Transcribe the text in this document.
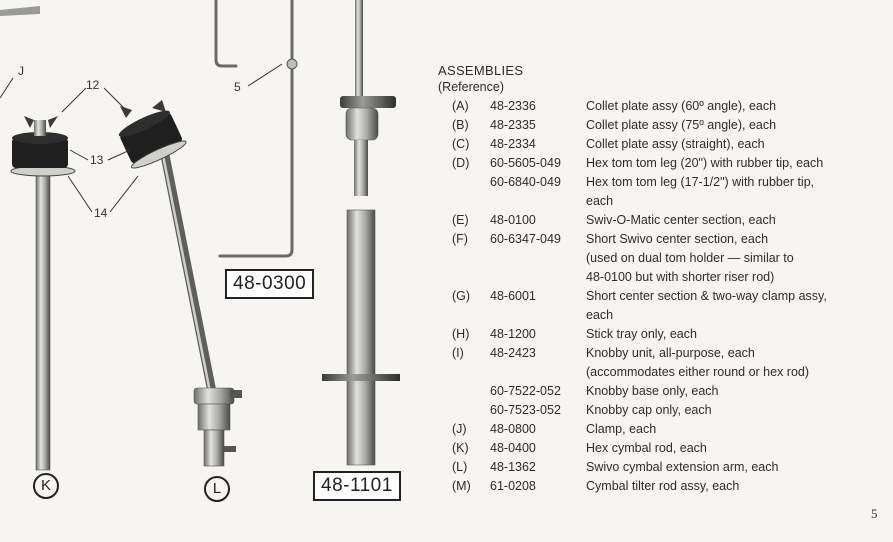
J
12
13
14
5
48-0300
48-1101
K	L
ASSEMBLIES
(Reference)
(A)	48-2336	Collet plate assy (60º angle), each
(B)	48-2335	Collet plate assy (75º angle), each
(C)	48-2334	Collet plate assy (straight), each
(D)	60-5605-049	Hex tom tom leg (20") with rubber tip, each
60-6840-049	Hex tom tom leg (17-1/2") with rubber tip,
each
(E)	48-0100	Swiv-O-Matic center section, each
(F)	60-6347-049	Short Swivo center section, each
(used on dual tom holder — similar to
48-0100 but with shorter riser rod)
(G)	48-6001	Short center section & two-way clamp assy,
each
(H)	48-1200	Stick tray only, each
(I)	48-2423	Knobby unit, all-purpose, each
(accommodates either round or hex rod)
60-7522-052	Knobby base only, each
60-7523-052	Knobby cap only, each
(J)	48-0800	Clamp, each
(K)	48-0400	Hex cymbal rod, each
(L)	48-1362	Swivo cymbal extension arm, each
(M)	61-0208	Cymbal tilter rod assy, each
5
